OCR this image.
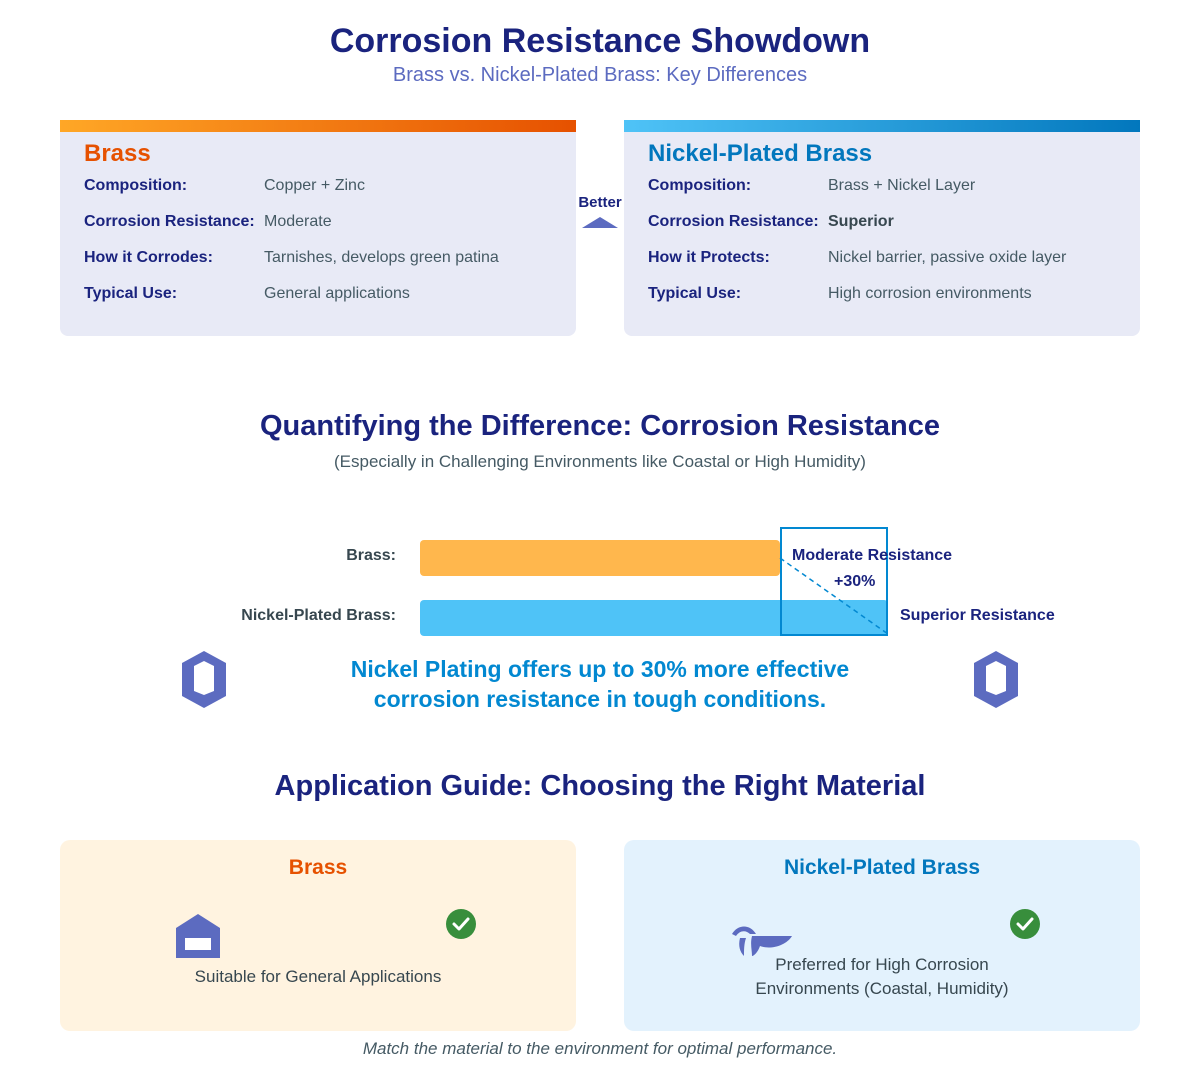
Corrosion Resistance Showdown
Brass vs. Nickel-Plated Brass: Key Differences
Brass
Composition:	Copper + Zinc
Corrosion Resistance: Moderate
How it Corrodes:	Tarnishes, develops green patina
Typical Use:	General applications
Better
Nickel-Plated Brass
Composition:	Brass + Nickel Layer
Corrosion Resistance: Superior
How it Protects:	Nickel barrier, passive oxide layer
Typical Use:	High corrosion environments
Quantifying the Difference: Corrosion Resistance
(Especially in Challenging Environments like Coastal or High Humidity)
Brass:
Nickel-Plated Brass:
Moderate Resistance
+30%
Superior Resistance
Nickel Plating offers up to 30% more effective
corrosion resistance in tough conditions.
Application Guide: Choosing the Right Material
Brass
Suitable for General Applications
Nickel-Plated Brass
Preferred for High Corrosion
Environments (Coastal, Humidity)
Match the material to the environment for optimal performance.
